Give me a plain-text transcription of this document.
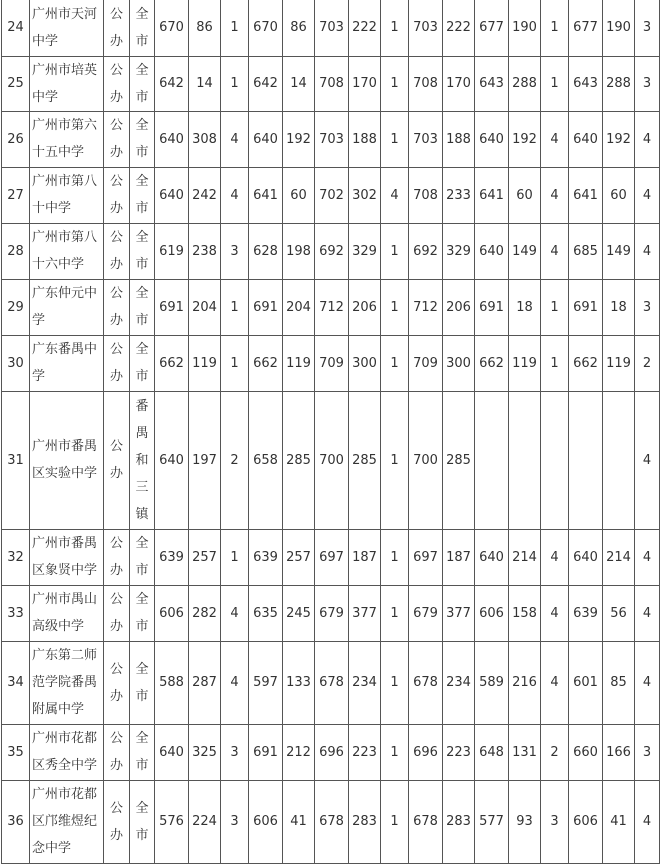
24	广州市天河中学	公办	全市	670	86	1	670	86	703	222	1	703	222	677	190	1	677	190	3
25	广州市培英中学	公办	全市	642	14	1	642	14	708	170	1	708	170	643	288	1	643	288	3
26	广州市第六十五中学	公办	全市	640	308	4	640	192	703	188	1	703	188	640	192	4	640	192	4
27	广州市第八十中学	公办	全市	640	242	4	641	60	702	302	4	708	233	641	60	4	641	60	4
28	广州市第八十六中学	公办	全市	619	238	3	628	198	692	329	1	692	329	640	149	4	685	149	4
29	广东仲元中学	公办	全市	691	204	1	691	204	712	206	1	712	206	691	18	1	691	18	3
30	广东番禺中学	公办	全市	662	119	1	662	119	709	300	1	709	300	662	119	1	662	119	2
31	广州市番禺区实验中学	公办	番禺和三镇	640	197	2	658	285	700	285	1	700	285						4
32	广州市番禺区象贤中学	公办	全市	639	257	1	639	257	697	187	1	697	187	640	214	4	640	214	4
33	广州市禺山高级中学	公办	全市	606	282	4	635	245	679	377	1	679	377	606	158	4	639	56	4
34	广东第二师范学院番禺附属中学	公办	全市	588	287	4	597	133	678	234	1	678	234	589	216	4	601	85	4
35	广州市花都区秀全中学	公办	全市	640	325	3	691	212	696	223	1	696	223	648	131	2	660	166	3
36	广州市花都区邝维煜纪念中学	公办	全市	576	224	3	606	41	678	283	1	678	283	577	93	3	606	41	4
